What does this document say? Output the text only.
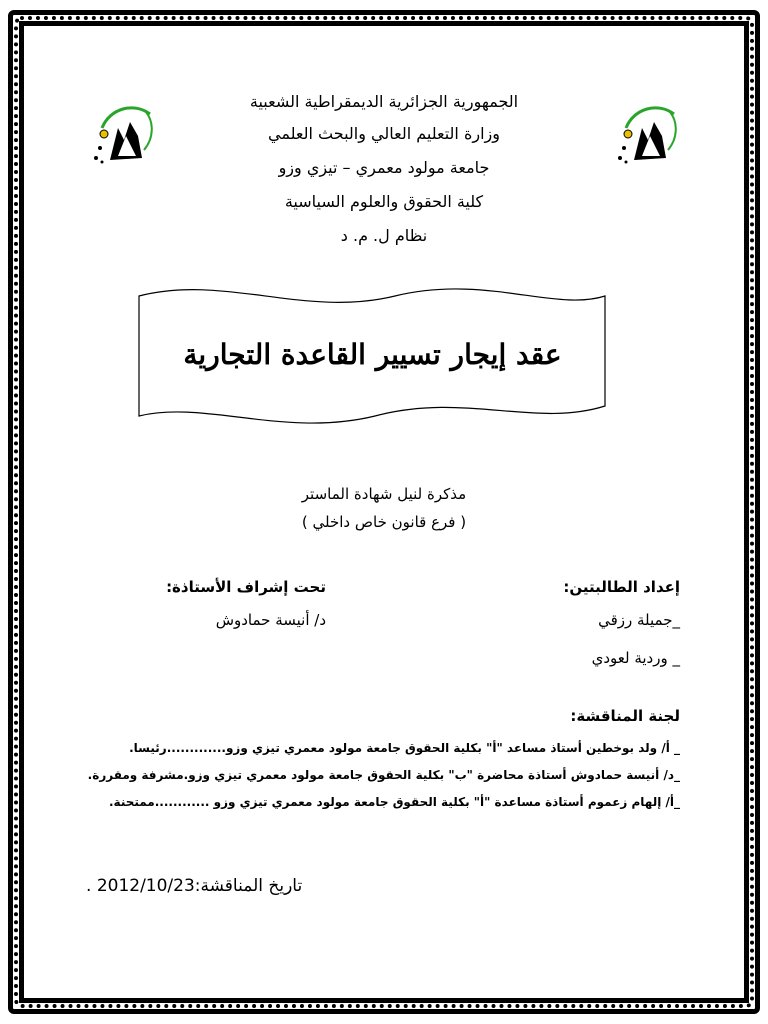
الجمهورية الجزائرية الديمقراطية الشعبية
وزارة التعليم العالي والبحث العلمي
جامعة مولود معمري – تيزي وزو
كلية الحقوق والعلوم السياسية
نظام ل. م. د
عقد إيجار تسيير القاعدة التجارية
مذكرة لنيل شهادة الماستر
( فرع قانون خاص داخلي )
إعداد الطالبتين:
_جميلة رزقي
_ وردية لعودي
تحت إشراف الأستاذة:
د/ أنيسة حمادوش
لجنة المناقشة:
_ أ/ ولد بوخطين أستاذ مساعد "أ" بكلية الحقوق جامعة مولود معمري تيزي وزو.............رئيسا.
_د/ أنيسة حمادوش أستاذة محاضرة "ب" بكلية الحقوق جامعة مولود معمري تيزي وزو.مشرفة ومقررة.
_أ/ إلهام زعموم أستاذة مساعدة "أ" بكلية الحقوق جامعة مولود معمري تيزي وزو ............ممتحنة.
تاريخ المناقشة:2012/10/23 .
